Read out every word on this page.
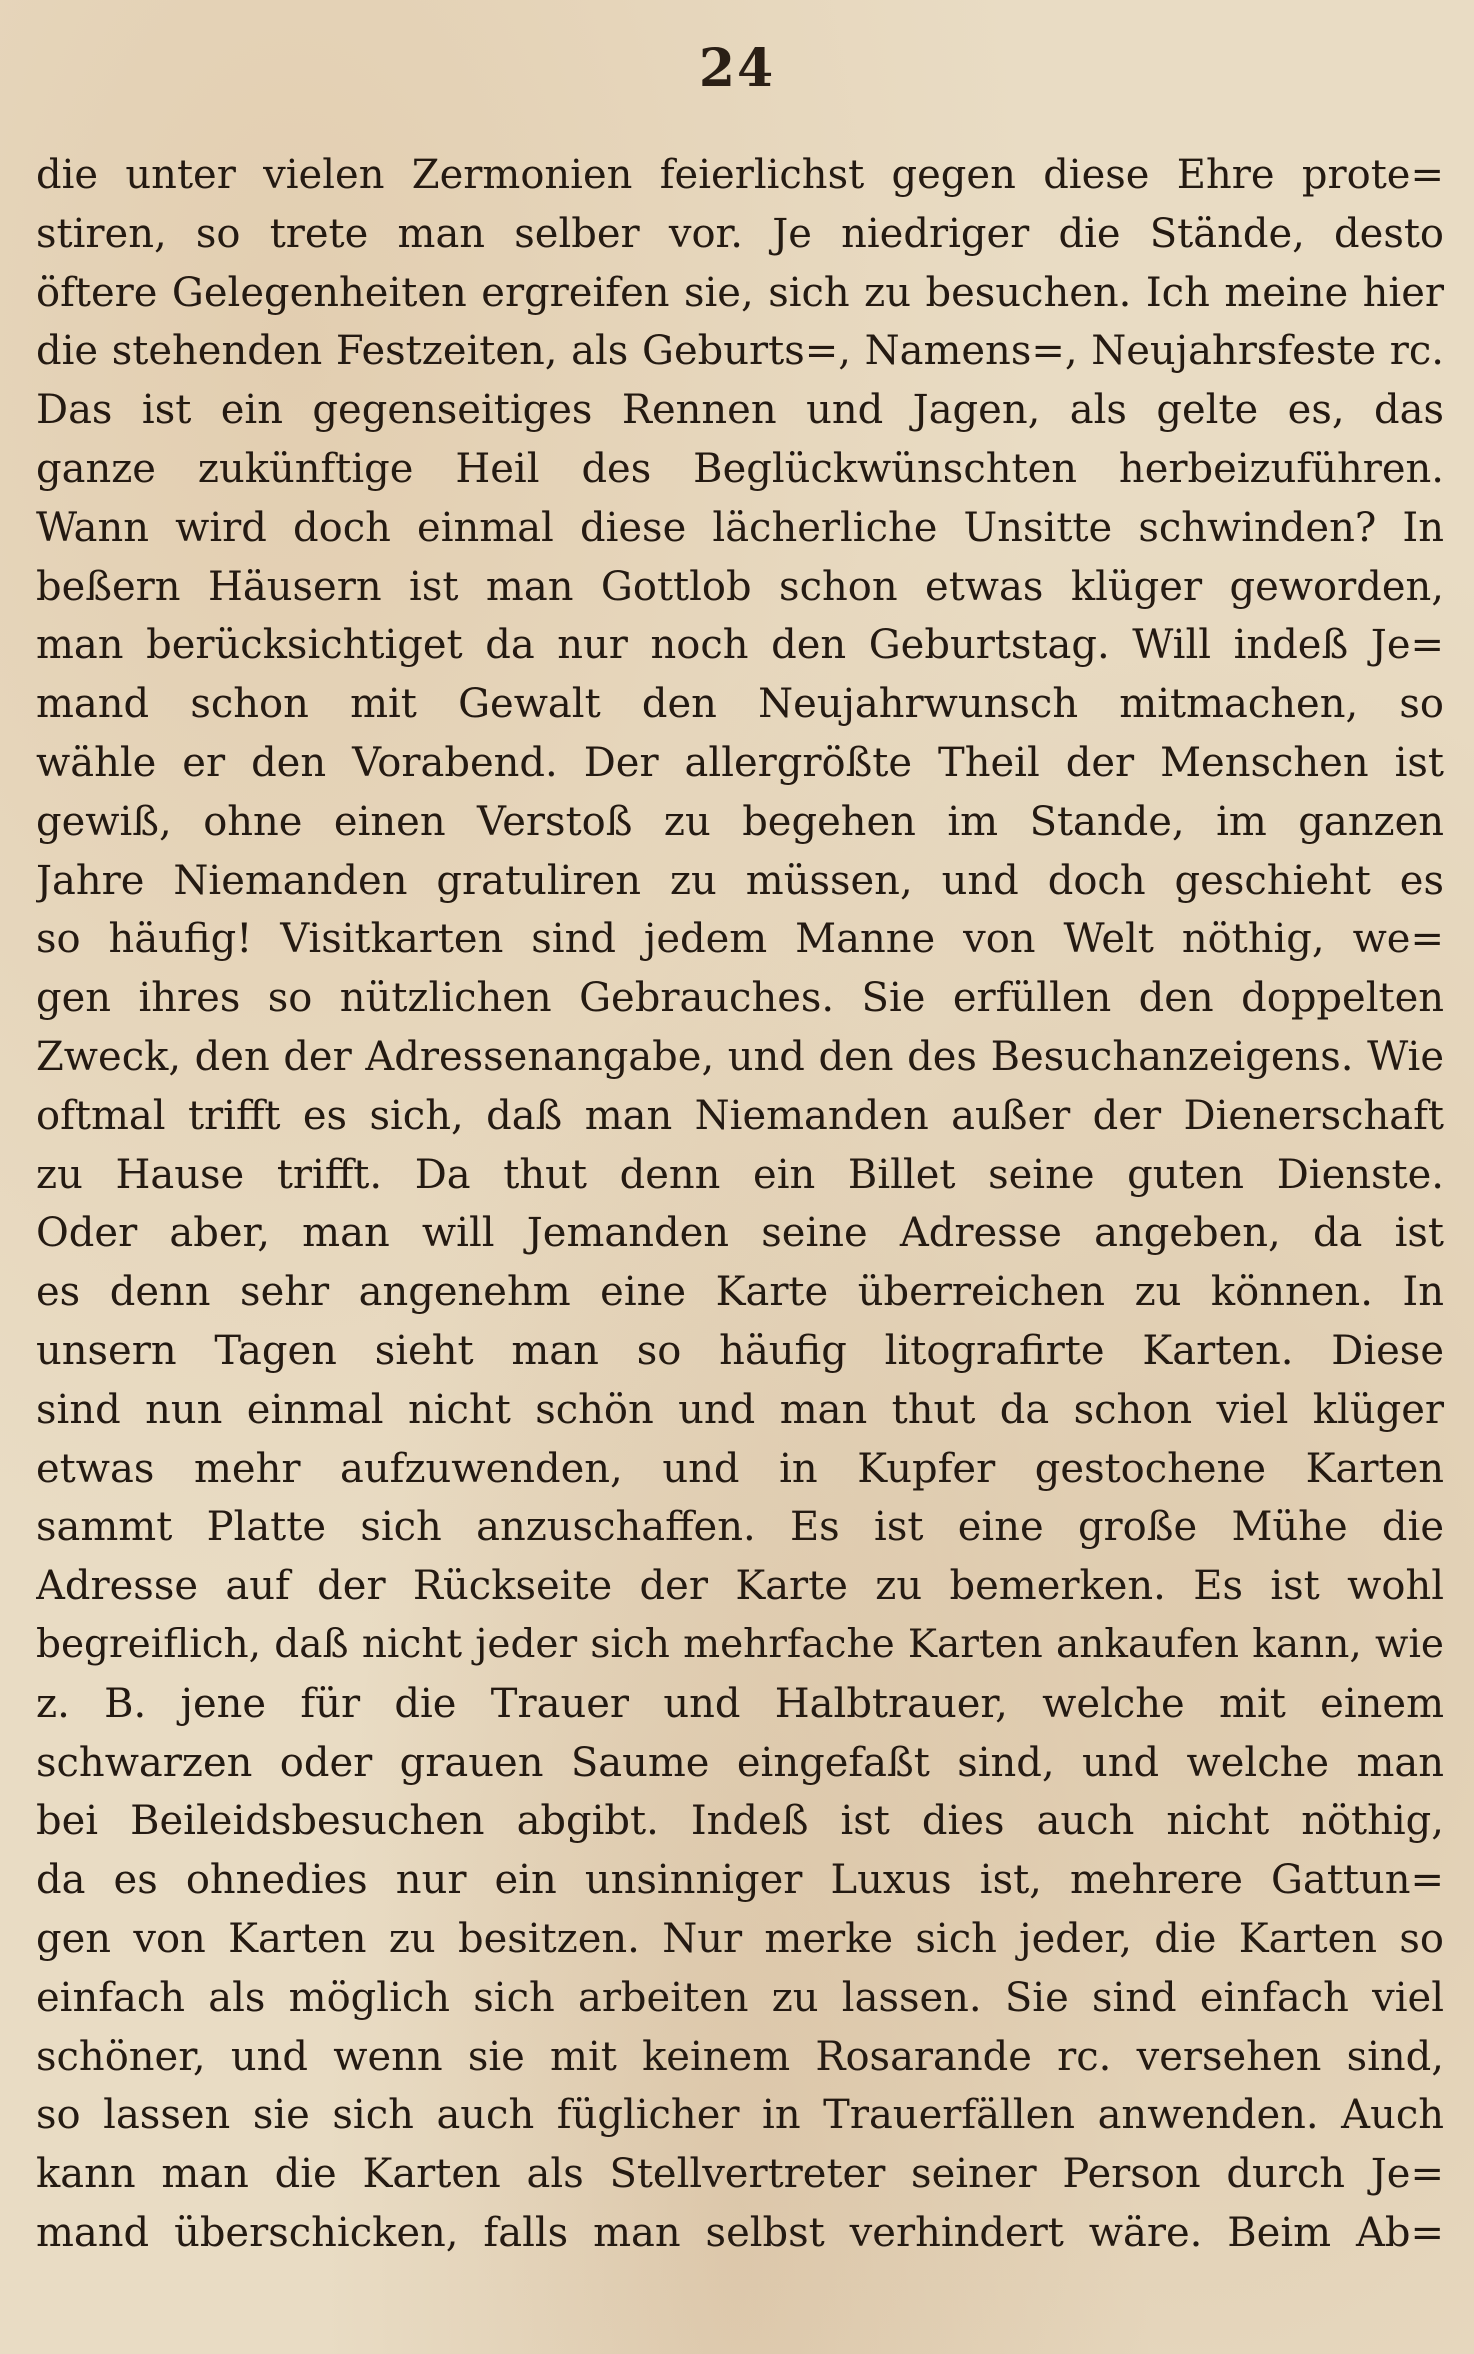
24
die unter vielen Zermonien feierlichst gegen diese Ehre prote=
stiren, so trete man selber vor. Je niedriger die Stände, desto
öftere Gelegenheiten ergreifen sie, sich zu besuchen. Ich meine hier
die stehenden Festzeiten, als Geburts=, Namens=, Neujahrsfeste rc.
Das ist ein gegenseitiges Rennen und Jagen, als gelte es, das
ganze zukünftige Heil des Beglückwünschten herbeizuführen.
Wann wird doch einmal diese lächerliche Unsitte schwinden? In
beßern Häusern ist man Gottlob schon etwas klüger geworden,
man berücksichtiget da nur noch den Geburtstag. Will indeß Je=
mand schon mit Gewalt den Neujahrwunsch mitmachen, so
wähle er den Vorabend. Der allergrößte Theil der Menschen ist
gewiß, ohne einen Verstoß zu begehen im Stande, im ganzen
Jahre Niemanden gratuliren zu müssen, und doch geschieht es
so häufig! Visitkarten sind jedem Manne von Welt nöthig, we=
gen ihres so nützlichen Gebrauches. Sie erfüllen den doppelten
Zweck, den der Adressenangabe, und den des Besuchanzeigens. Wie
oftmal trifft es sich, daß man Niemanden außer der Dienerschaft
zu Hause trifft. Da thut denn ein Billet seine guten Dienste.
Oder aber, man will Jemanden seine Adresse angeben, da ist
es denn sehr angenehm eine Karte überreichen zu können. In
unsern Tagen sieht man so häufig litografirte Karten. Diese
sind nun einmal nicht schön und man thut da schon viel klüger
etwas mehr aufzuwenden, und in Kupfer gestochene Karten
sammt Platte sich anzuschaffen. Es ist eine große Mühe die
Adresse auf der Rückseite der Karte zu bemerken. Es ist wohl
begreiflich, daß nicht jeder sich mehrfache Karten ankaufen kann, wie
z. B. jene für die Trauer und Halbtrauer, welche mit einem
schwarzen oder grauen Saume eingefaßt sind, und welche man
bei Beileidsbesuchen abgibt. Indeß ist dies auch nicht nöthig,
da es ohnedies nur ein unsinniger Luxus ist, mehrere Gattun=
gen von Karten zu besitzen. Nur merke sich jeder, die Karten so
einfach als möglich sich arbeiten zu lassen. Sie sind einfach viel
schöner, und wenn sie mit keinem Rosarande rc. versehen sind,
so lassen sie sich auch füglicher in Trauerfällen anwenden. Auch
kann man die Karten als Stellvertreter seiner Person durch Je=
mand überschicken, falls man selbst verhindert wäre. Beim Ab=
